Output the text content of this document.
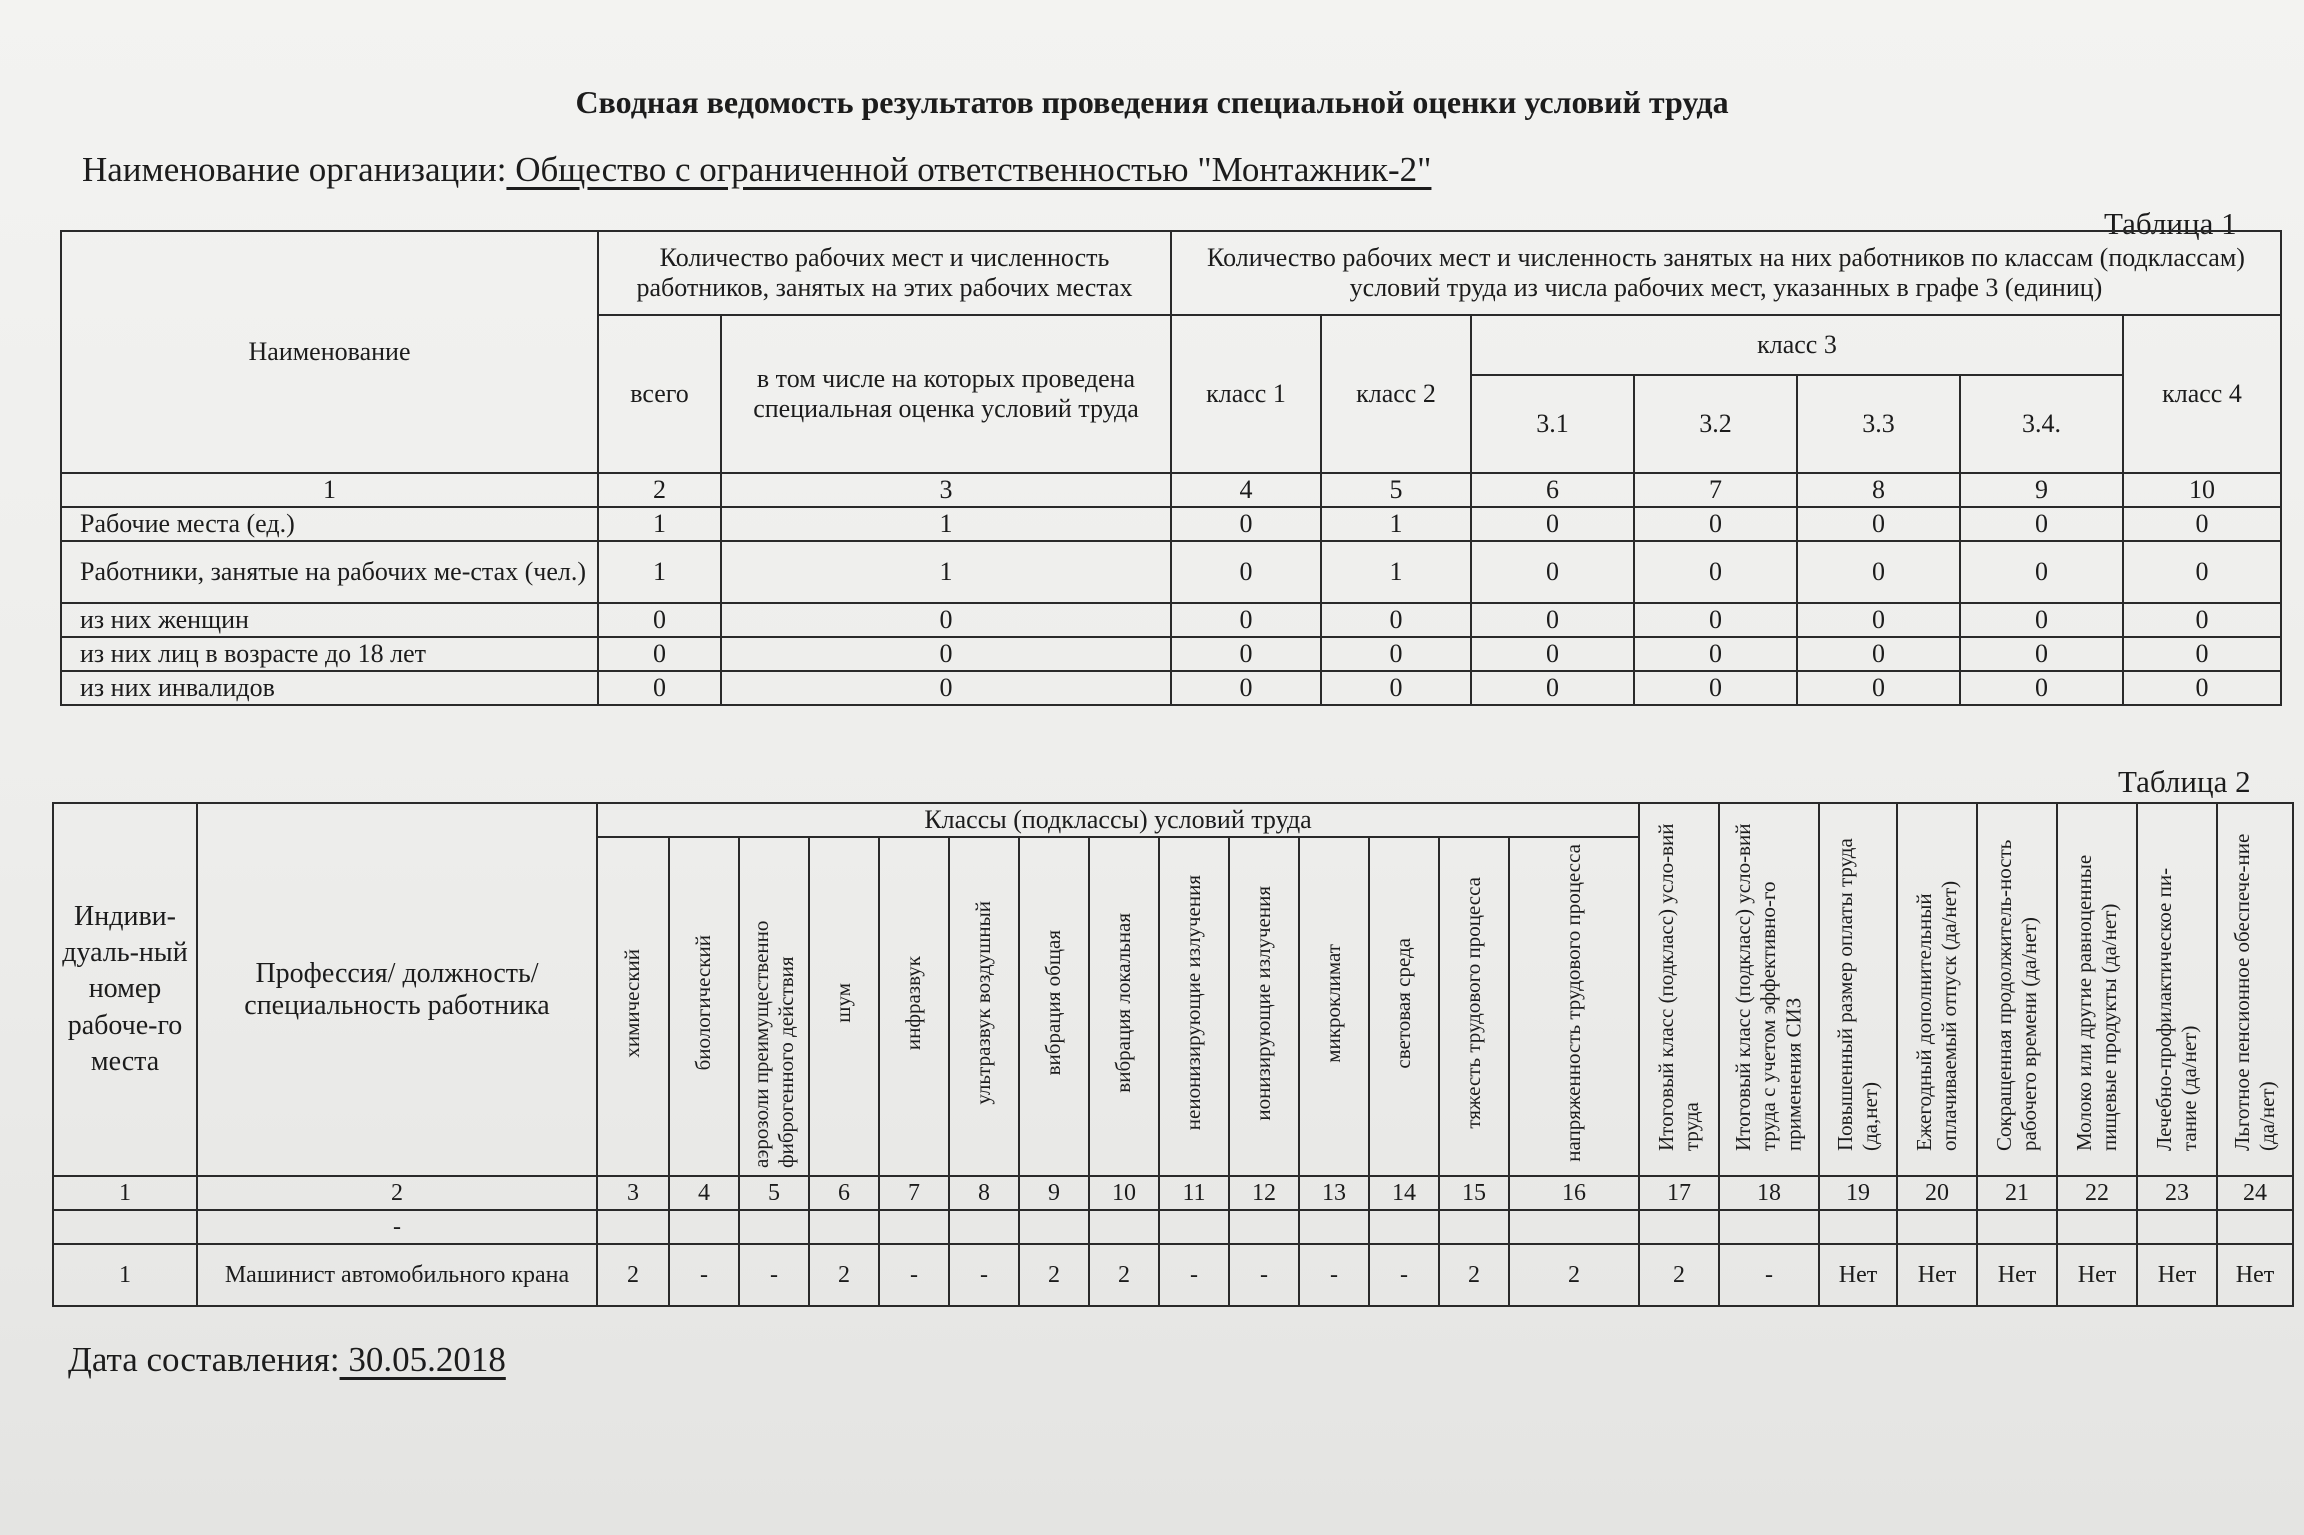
Сводная ведомость результатов проведения специальной оценки условий труда
Наименование организации: Общество с ограниченной ответственностью "Монтажник-2"
Таблица 1
Наименование	Количество рабочих мест и численность работников, занятых на этих рабочих местах		Количество рабочих мест и численность занятых на них работников по классам (подклассам) условий труда из числа рабочих мест, указанных в графе 3 (единиц)						
	всего	в том числе на которых проведена специальная оценка условий труда	класс 1	класс 2	класс 3				класс 4
					3.1	3.2	3.3	3.4.	
1	2	3	4	5	6	7	8	9	10
Рабочие места (ед.)	1	1	0	1	0	0	0	0	0
Работники, занятые на рабочих ме-стах (чел.)	1	1	0	1	0	0	0	0	0
из них женщин	0	0	0	0	0	0	0	0	0
из них лиц в возрасте до 18 лет	0	0	0	0	0	0	0	0	0
из них инвалидов	0	0	0	0	0	0	0	0	0
Таблица 2
Индиви-дуаль-ный номер рабоче-го места	Профессия/ должность/ специальность работника	Классы (подклассы) условий труда														Итоговый класс (подкласс) усло-вий труда	Итоговый класс (подкласс) усло-вий труда с учетом эффективно-го применения СИЗ	Повышенный размер оплаты труда (да,нет)	Ежегодный дополнительный оплачиваемый отпуск (да/нет)	Сокращенная продолжитель-ность рабочего времени (да/нет)	Молоко или другие равноценные пищевые продукты (да/нет)	Лечебно-профилактическое пи-тание (да/нет)	Льготное пенсионное обеспече-ние (да/нет)
		химический	биологический	аэрозоли преимущественно фиброгенного действия	шум	инфразвук	ультразвук воздушный	вибрация общая	вибрация локальная	неионизирующие излучения	ионизирующие излучения	микроклимат	световая среда	тяжесть трудового процесса	напряженность трудового процесса								
1	2	3	4	5	6	7	8	9	10	11	12	13	14	15	16	17	18	19	20	21	22	23	24
	-																						
1	Машинист автомобильного крана	2	-	-	2	-	-	2	2	-	-	-	-	2	2	2	-	Нет	Нет	Нет	Нет	Нет	Нет
Дата составления: 30.05.2018
